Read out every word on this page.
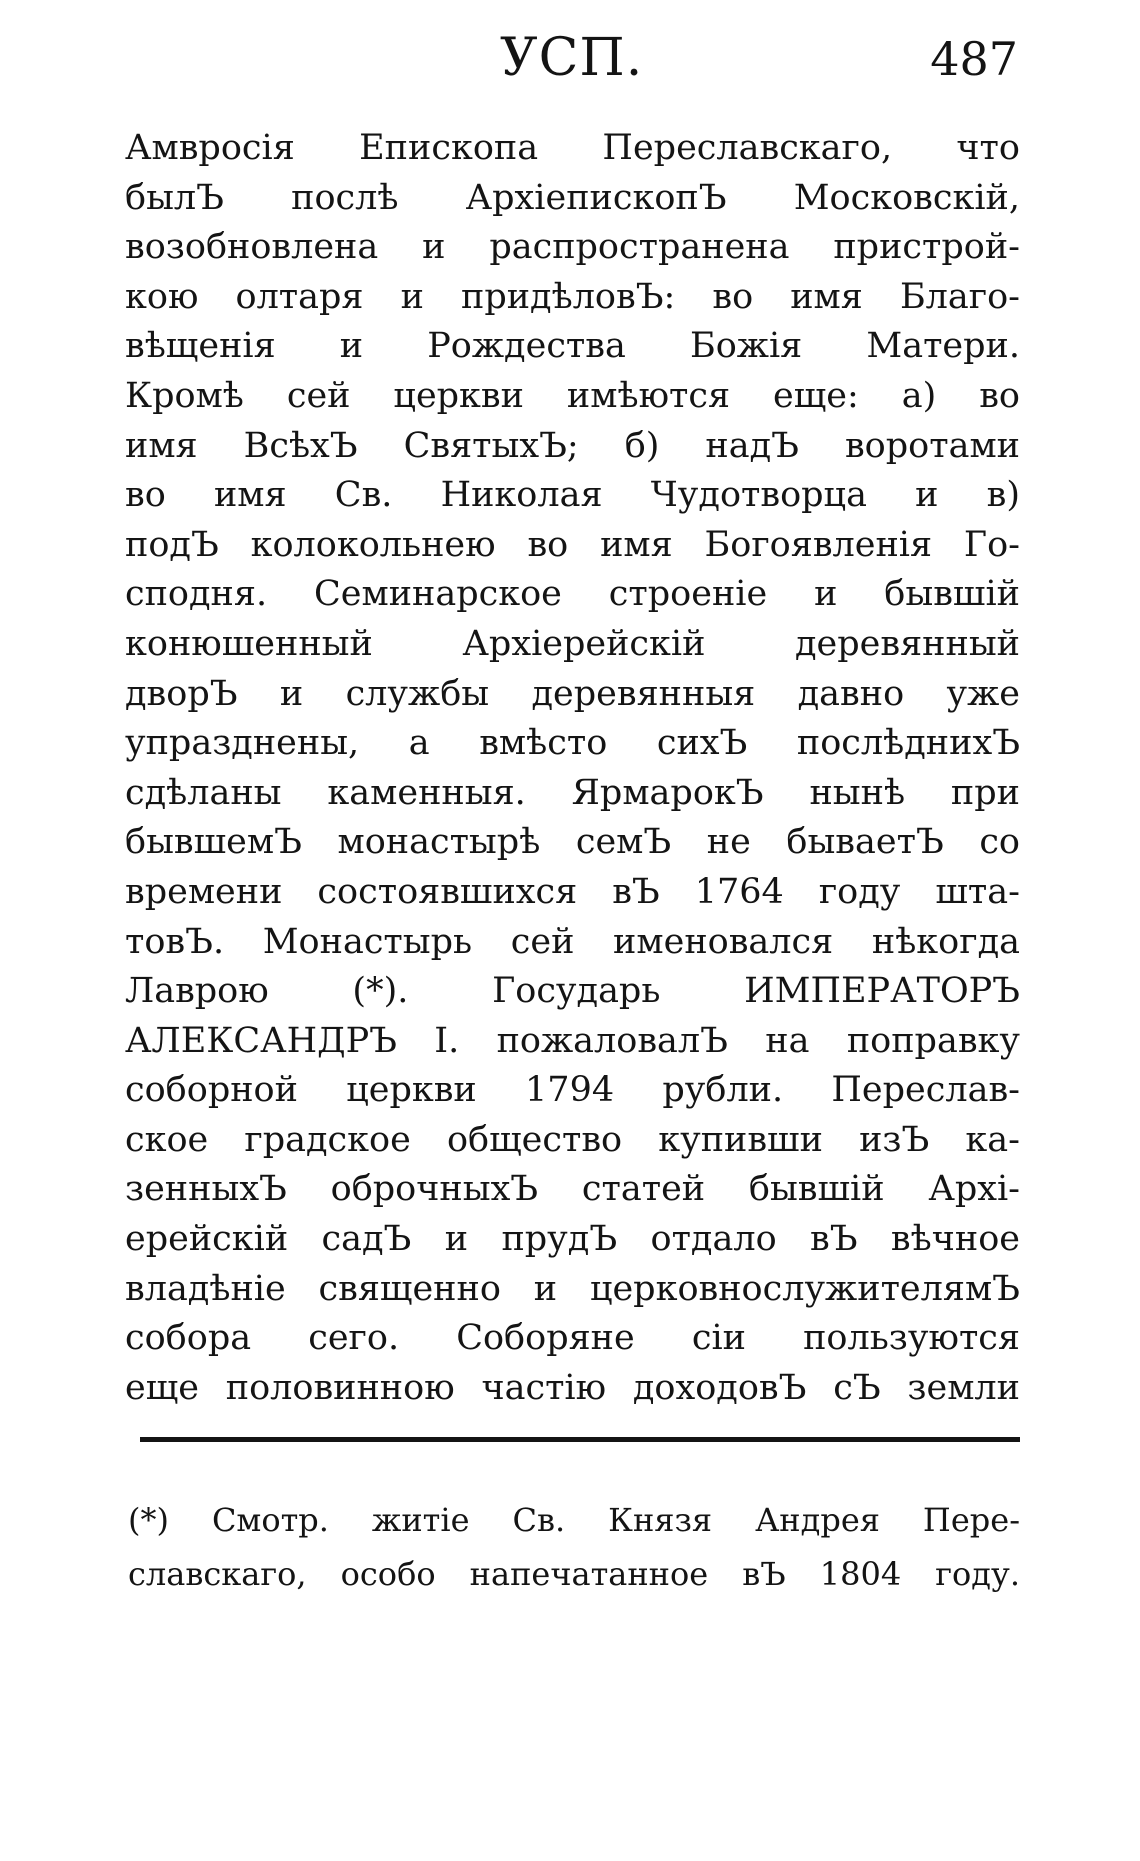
УСП.	487
Амвросія Епископа Переславскаго, что
былЪ послѣ АрхіепископЪ Московскій,
возобновлена и распространена пристрой-
кою олтаря и придѣловЪ: во имя Благо-
вѣщенія и Рождества Божія Матери.
Кромѣ сей церкви имѣются еще: а) во
имя ВсѣхЪ СвятыхЪ; б) надЪ воротами
во имя Св. Николая Чудотворца и в)
подЪ колокольнею во имя Богоявленія Го-
сподня. Семинарское строеніе и бывшій
конюшенный Архіерейскій деревянный
дворЪ и службы деревянныя давно уже
упразднены, а вмѣсто сихЪ послѣднихЪ
сдѣланы каменныя. ЯрмарокЪ нынѣ при
бывшемЪ монастырѣ семЪ не бываетЪ со
времени состоявшихся вЪ 1764 году шта-
товЪ. Монастырь сей именовался нѣкогда
Лаврою (*). Государь ИМПЕРАТОРЪ
АЛЕКСАНДРЪ I. пожаловалЪ на поправку
соборной церкви 1794 рубли. Переслав-
ское градское общество купивши изЪ ка-
зенныхЪ оброчныхЪ статей бывшій Архі-
ерейскій садЪ и прудЪ отдало вЪ вѣчное
владѣніе священно и церковнослужителямЪ
собора сего. Соборяне сіи пользуются
еще половинною частію доходовЪ сЪ земли
(*) Смотр. житіе Св. Князя Андрея Пере-
славскаго, особо напечатанное вЪ 1804 году.
